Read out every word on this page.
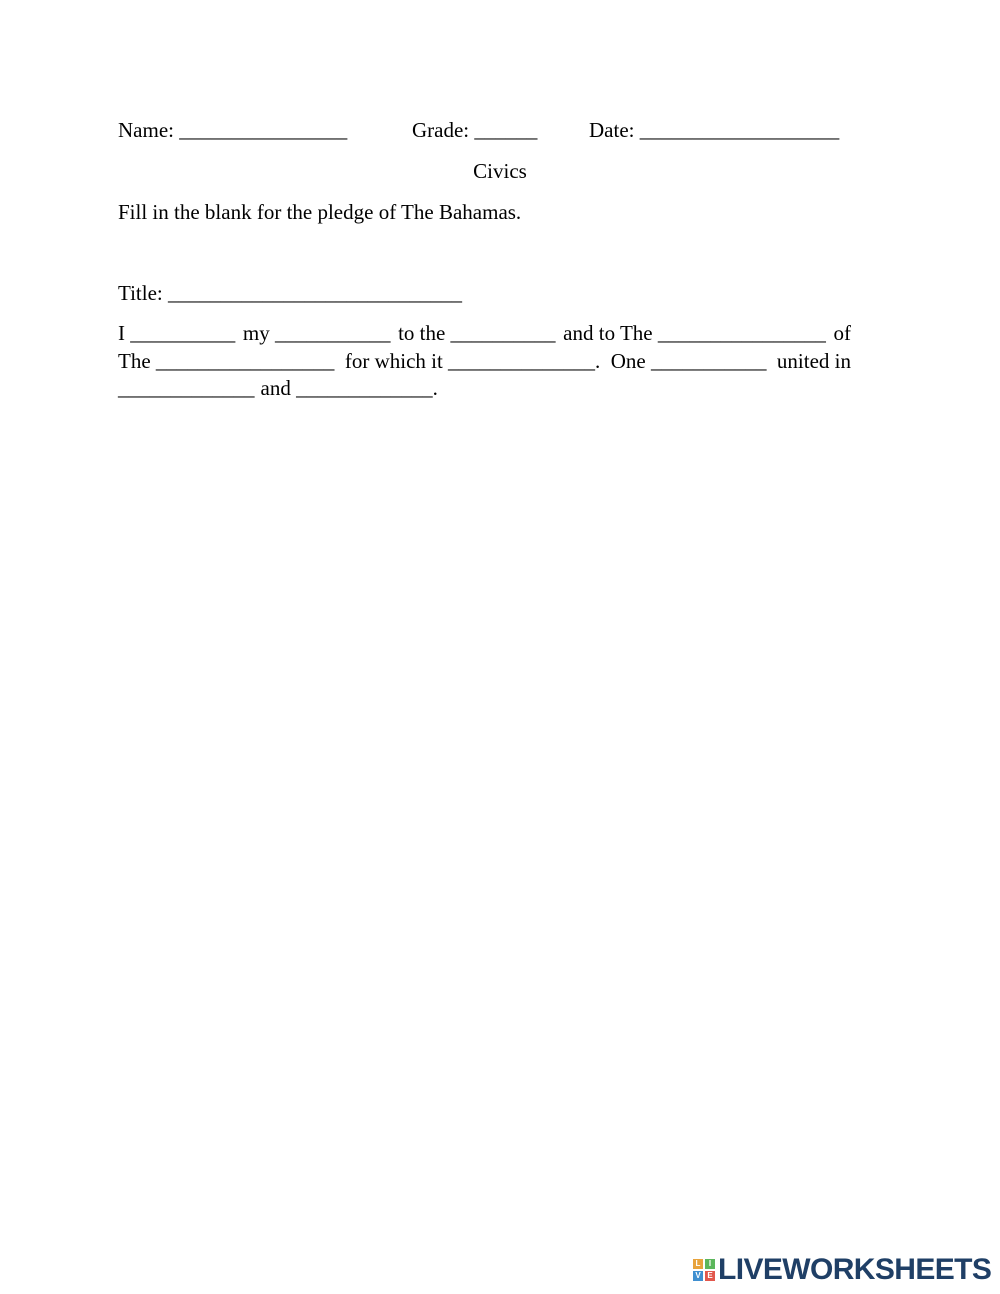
Name: ________________	Grade: ______ Date: ___________________
Civics
Fill in the blank for the pledge of The Bahamas.
Title: ____________________________
I __________ my ___________ to the __________ and to The ________________ of
The _________________ for which it ______________. One ___________ united in
_____________ and _____________.
L	I
V E LIVEWORKSHEETS
